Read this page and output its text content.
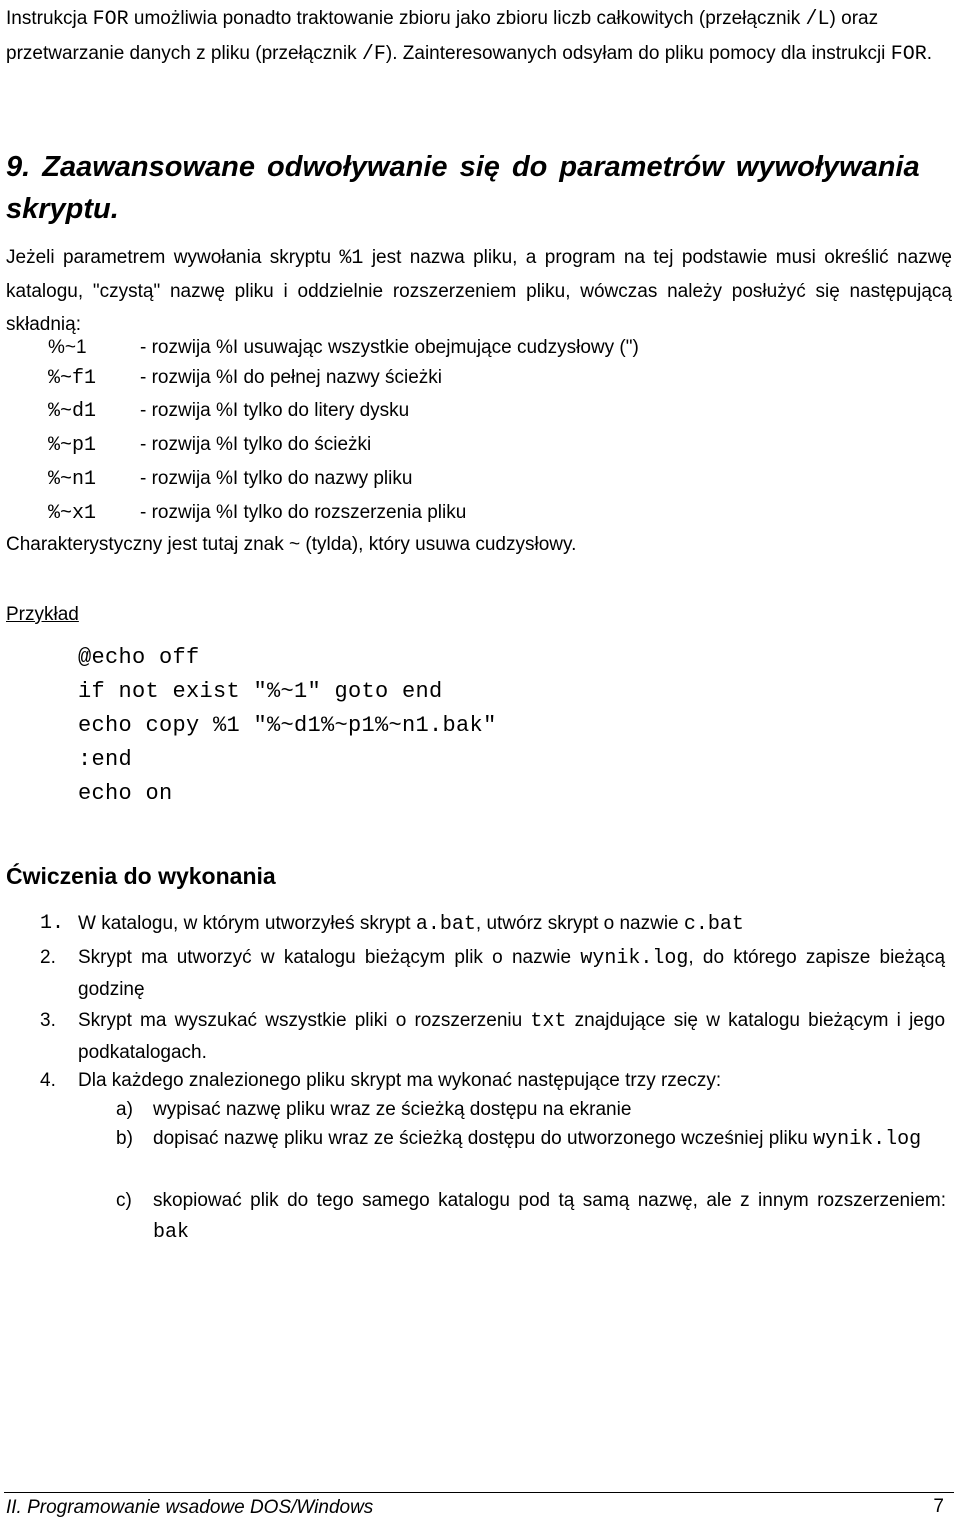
Instrukcja FOR umożliwia ponadto traktowanie zbioru jako zbioru liczb całkowitych (przełącznik /L) oraz przetwarzanie danych z pliku (przełącznik /F). Zainteresowanych odsyłam do pliku pomocy dla instrukcji FOR.
9. Zaawansowane odwoływanie się do parametrów wywoływania skryptu.
Jeżeli parametrem wywołania skryptu %1 jest nazwa pliku, a program na tej podstawie musi określić nazwę katalogu, "czystą" nazwę pliku i oddzielnie rozszerzeniem pliku, wówczas należy posłużyć się następującą składnią:
%~1	- rozwija %I usuwając wszystkie obejmujące cudzysłowy (")
%~f1	- rozwija %I do pełnej nazwy ścieżki
%~d1	- rozwija %I tylko do litery dysku
%~p1	- rozwija %I tylko do ścieżki
%~n1	- rozwija %I tylko do nazwy pliku
%~x1	- rozwija %I tylko do rozszerzenia pliku
Charakterystyczny jest tutaj znak ~ (tylda), który usuwa cudzysłowy.
Przykład
@echo off
if not exist "%~1" goto end
echo copy %1 "%~d1%~p1%~n1.bak"
:end
echo on
Ćwiczenia do wykonania
1. W katalogu, w którym utworzyłeś skrypt a.bat, utwórz skrypt o nazwie c.bat
2.	Skrypt ma utworzyć w katalogu bieżącym plik o nazwie wynik.log, do którego zapisze bieżącą godzinę
3.	Skrypt ma wyszukać wszystkie pliki o rozszerzeniu txt znajdujące się w katalogu bieżącym i jego podkatalogach.
4.	Dla każdego znalezionego pliku skrypt ma wykonać następujące trzy rzeczy:
a)	wypisać nazwę pliku wraz ze ścieżką dostępu na ekranie
b)	dopisać nazwę pliku wraz ze ścieżką dostępu do utworzonego wcześniej pliku wynik.log
c)	skopiować plik do tego samego katalogu pod tą samą nazwę, ale z innym rozszerzeniem: bak
II. Programowanie wsadowe DOS/Windows	7
